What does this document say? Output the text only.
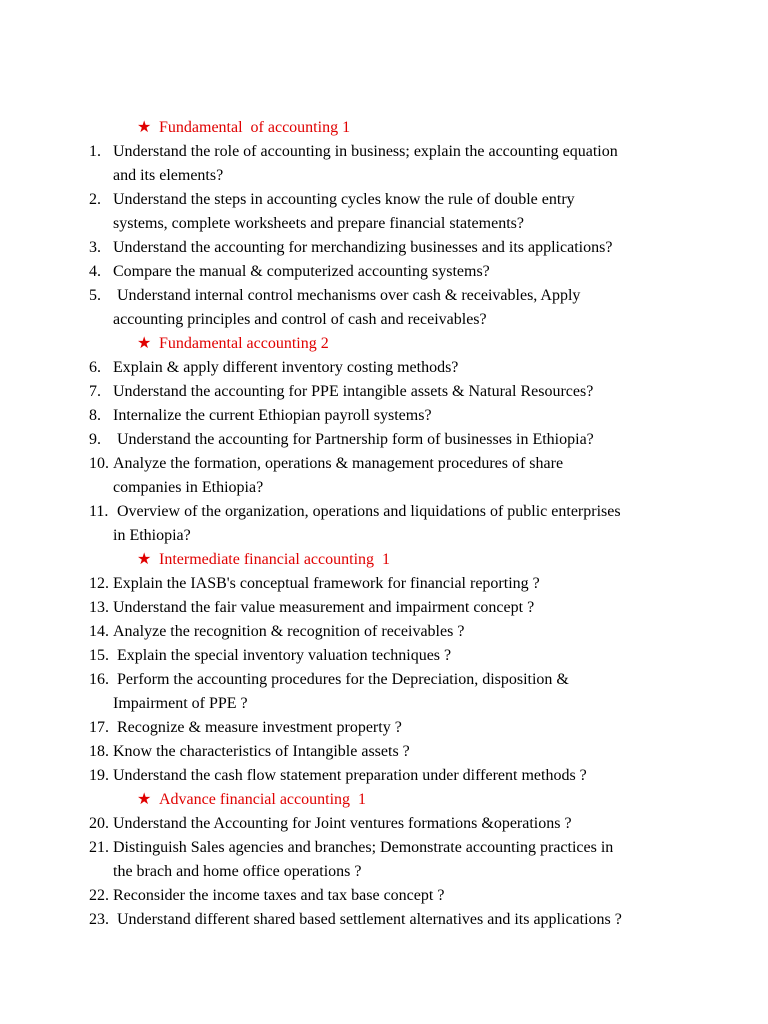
★ Fundamental  of accounting 1
1. Understand the role of accounting in business; explain the accounting equation
and its elements?
2. Understand the steps in accounting cycles know the rule of double entry
systems, complete worksheets and prepare financial statements?
3. Understand the accounting for merchandizing businesses and its applications?
4. Compare the manual & computerized accounting systems?
5. Understand internal control mechanisms over cash & receivables, Apply
accounting principles and control of cash and receivables?
★ Fundamental accounting 2
6. Explain & apply different inventory costing methods?
7. Understand the accounting for PPE intangible assets & Natural Resources?
8. Internalize the current Ethiopian payroll systems?
9. Understand the accounting for Partnership form of businesses in Ethiopia?
10. Analyze the formation, operations & management procedures of share
companies in Ethiopia?
11. Overview of the organization, operations and liquidations of public enterprises
in Ethiopia?
★ Intermediate financial accounting  1
12. Explain the IASB's conceptual framework for financial reporting ?
13. Understand the fair value measurement and impairment concept ?
14. Analyze the recognition & recognition of receivables ?
15. Explain the special inventory valuation techniques ?
16. Perform the accounting procedures for the Depreciation, disposition &
Impairment of PPE ?
17. Recognize & measure investment property ?
18. Know the characteristics of Intangible assets ?
19. Understand the cash flow statement preparation under different methods ?
★ Advance financial accounting  1
20. Understand the Accounting for Joint ventures formations &operations ?
21. Distinguish Sales agencies and branches; Demonstrate accounting practices in
the brach and home office operations ?
22. Reconsider the income taxes and tax base concept ?
23. Understand different shared based settlement alternatives and its applications ?
